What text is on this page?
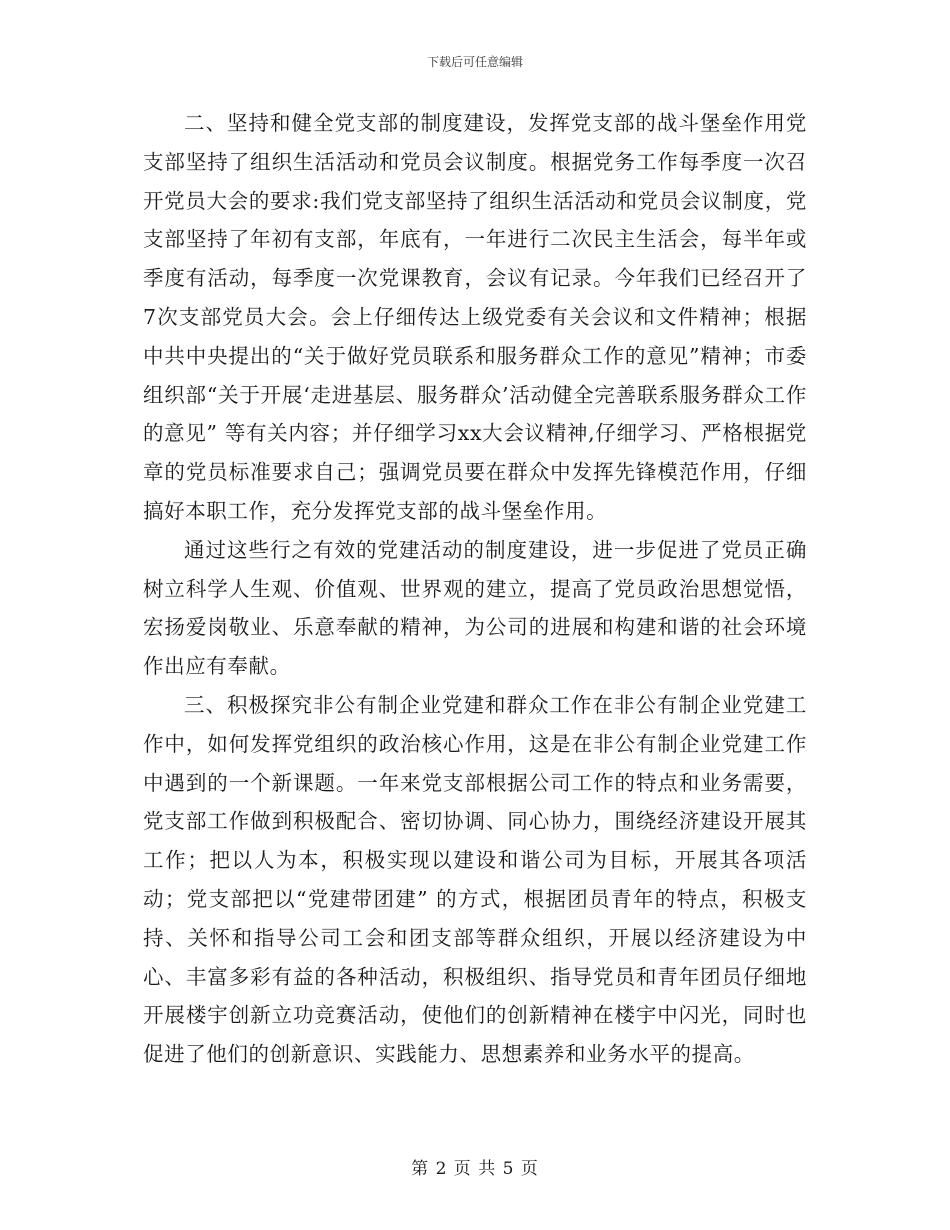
下载后可任意编辑

二、坚持和健全党支部的制度建设，发挥党支部的战斗堡垒作用党支部坚持了组织生活活动和党员会议制度。根据党务工作每季度一次召开党员大会的要求:我们党支部坚持了组织生活活动和党员会议制度，党支部坚持了年初有支部，年底有，一年进行二次民主生活会，每半年或季度有活动，每季度一次党课教育，会议有记录。今年我们已经召开了7次支部党员大会。会上仔细传达上级党委有关会议和文件精神；根据中共中央提出的“关于做好党员联系和服务群众工作的意见”精神；市委组织部“关于开展‘走进基层、服务群众’活动健全完善联系服务群众工作的意见” 等有关内容；并仔细学习xx大会议精神,仔细学习、严格根据党章的党员标准要求自己；强调党员要在群众中发挥先锋模范作用，仔细搞好本职工作，充分发挥党支部的战斗堡垒作用。

通过这些行之有效的党建活动的制度建设，进一步促进了党员正确树立科学人生观、价值观、世界观的建立，提高了党员政治思想觉悟，宏扬爱岗敬业、乐意奉献的精神，为公司的进展和构建和谐的社会环境作出应有奉献。

三、积极探究非公有制企业党建和群众工作在非公有制企业党建工作中，如何发挥党组织的政治核心作用，这是在非公有制企业党建工作中遇到的一个新课题。一年来党支部根据公司工作的特点和业务需要，党支部工作做到积极配合、密切协调、同心协力，围绕经济建设开展其工作；把以人为本，积极实现以建设和谐公司为目标，开展其各项活动；党支部把以“党建带团建” 的方式，根据团员青年的特点，积极支持、关怀和指导公司工会和团支部等群众组织，开展以经济建设为中心、丰富多彩有益的各种活动，积极组织、指导党员和青年团员仔细地开展楼宇创新立功竞赛活动，使他们的创新精神在楼宇中闪光，同时也促进了他们的创新意识、实践能力、思想素养和业务水平的提高。

第 2 页 共 5 页
